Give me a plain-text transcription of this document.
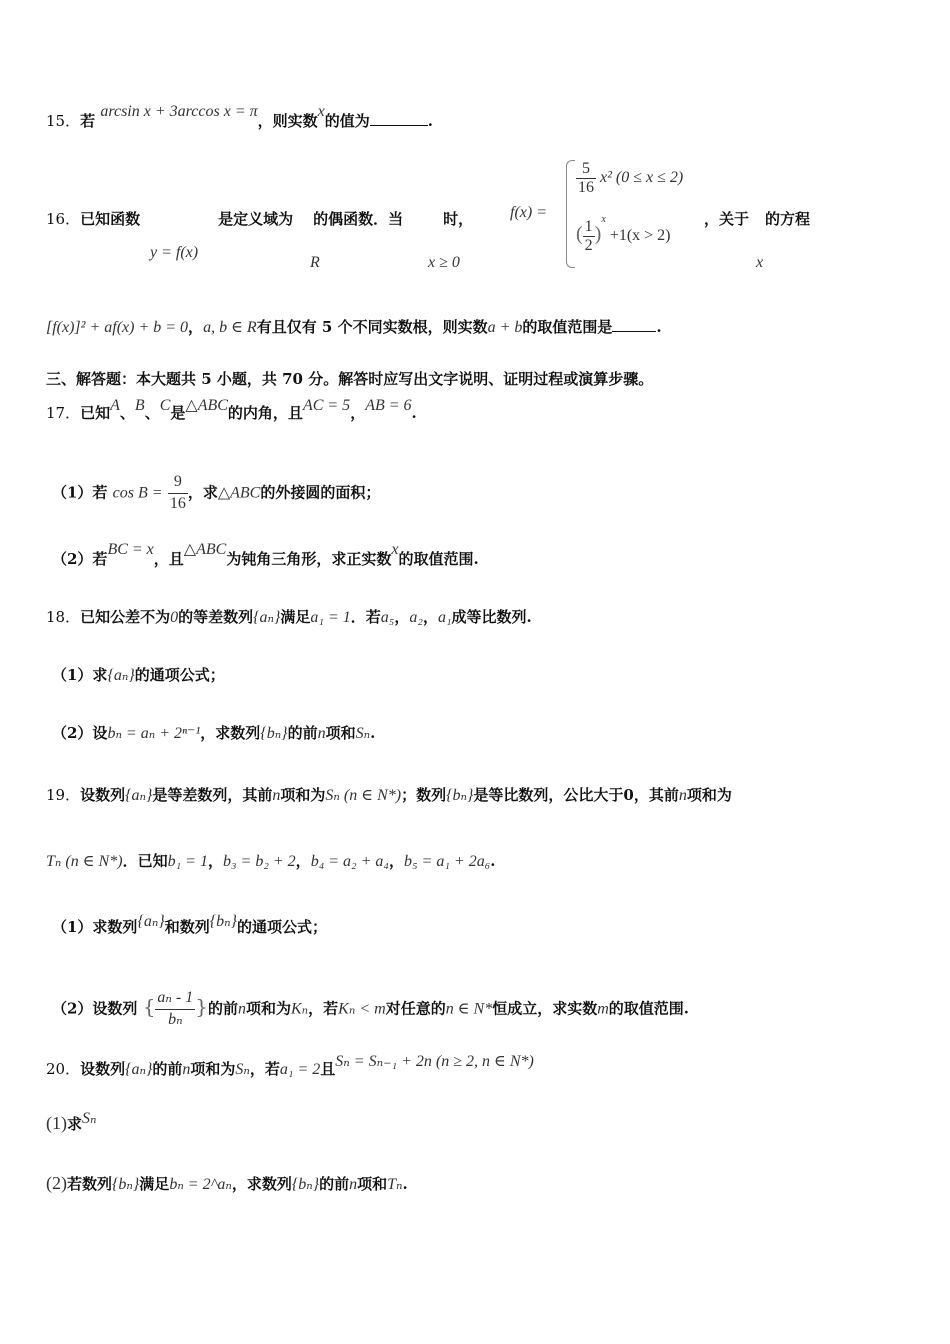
15．若 arcsin x + 3arccos x = π，则实数x的值为	.
16．已知函数	是定义域为 的偶函数．当	时，
y = f(x)
R	x ≥ 0
f(x) =
$\frac{5}{16} x^2$ (0 ≤ x ≤ 2)
( $\frac{1}{2} )^x +1(x > 2)$
，关于 的方程
x
[f(x)]² + af(x) + b = 0，a, b ∈ R有且仅有 5 个不同实数根，则实数a + b的取值范围是	.
三、解答题：本大题共 5 小题，共 70 分。解答时应写出文字说明、证明过程或演算步骤。
17．已知A、B、C是△ABC的内角，且AC = 5，AB = 6.
（1）若 $\cos B = \frac{9}{16}$ ，求△ABC的外接圆的面积；
（2）若BC = x，且△ABC为钝角三角形，求正实数x的取值范围.
18．已知公差不为0的等差数列{aₙ}满足a₁ = 1．若a₅，a₂，a₁成等比数列.
（1）求{aₙ}的通项公式；
（2）设bₙ = aₙ + 2ⁿ⁻¹，求数列{bₙ}的前n项和Sₙ.
19．设数列{aₙ}是等差数列，其前n项和为Sₙ (n ∈ N*)；数列{bₙ}是等比数列，公比大于0，其前n项和为
Tₙ (n ∈ N*)．已知b₁ = 1，b₃ = b₂ + 2，b₄ = a₂ + a₄，b₅ = a₁ + 2a₆.
（1）求数列{aₙ}和数列{bₙ}的通项公式；
（2）设数列 { $\frac{\text{aₙ - 1}}{\text{bₙ}}$ }的前n项和为Kₙ，若Kₙ < m对任意的n ∈ N*恒成立，求实数m的取值范围.
20．设数列{aₙ}的前n项和为Sₙ，若a₁ = 2且Sₙ = Sₙ₋₁ + 2n (n ≥ 2, n ∈ N*)
(1)求Sₙ
(2)若数列{bₙ}满足bₙ = 2^aₙ，求数列{bₙ}的前n项和Tₙ.
